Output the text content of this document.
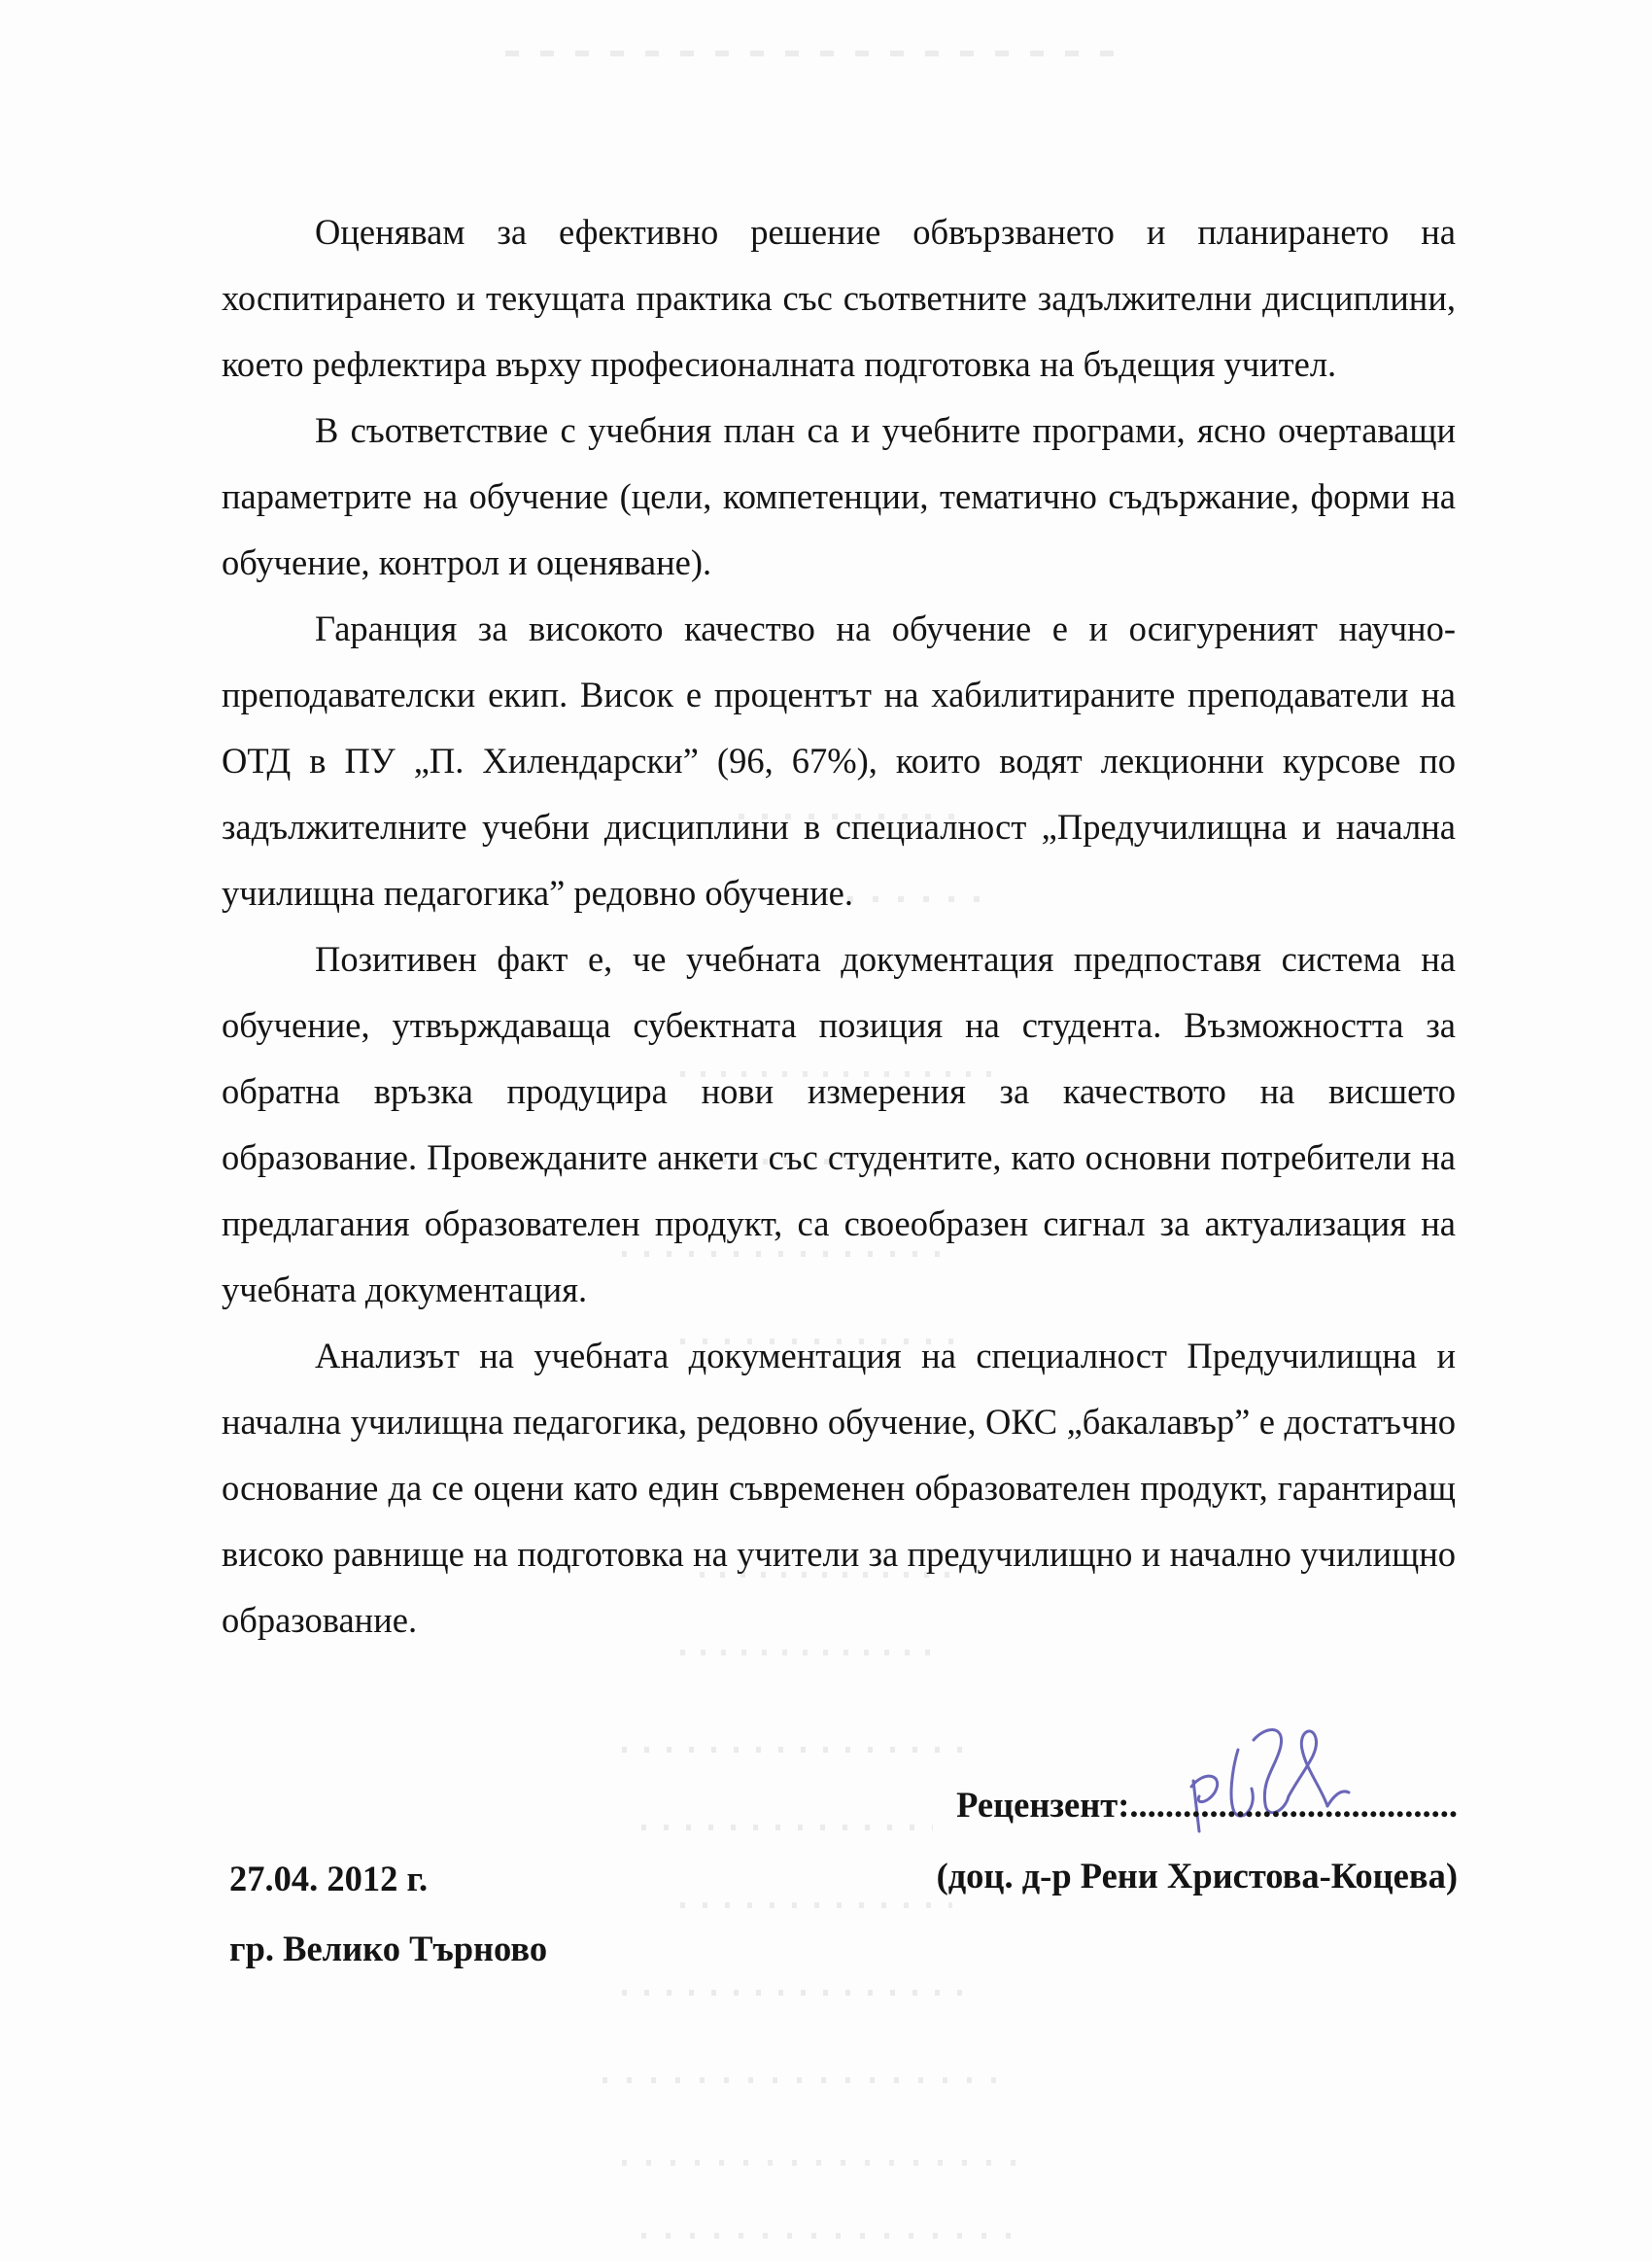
Оценявам за ефективно решение обвързването и планирането на хоспитирането и текущата практика със съответните задължителни дисциплини, което рефлектира върху професионалната подготовка на бъдещия учител.

В съответствие с учебния план са и учебните програми, ясно очертаващи параметрите на обучение (цели, компетенции, тематично съдържание, форми на обучение, контрол и оценяване).

Гаранция за високото качество на обучение е и осигуреният научно-преподавателски екип. Висок е процентът на хабилитираните преподаватели на ОТД в ПУ „П. Хилендарски” (96, 67%), които водят лекционни курсове по задължителните учебни дисциплини в специалност „Предучилищна и начална училищна педагогика” редовно обучение.

Позитивен факт е, че учебната документация предпоставя система на обучение, утвърждаваща субектната позиция на студента. Възможността за обратна връзка продуцира нови измерения за качеството на висшето образование. Провежданите анкети със студентите, като основни потребители на предлагания образователен продукт, са своеобразен сигнал за актуализация на учебната документация.

Анализът на учебната документация на специалност Предучилищна и начална училищна педагогика, редовно обучение, ОКС „бакалавър” е достатъчно основание да се оцени като един съвременен образователен продукт, гарантиращ високо равнище на подготовка на учители за предучилищно и начално училищно образование.

Рецензент:.....................................
(доц. д-р Рени Христова-Коцева)
27.04. 2012 г.
гр. Велико Търново
